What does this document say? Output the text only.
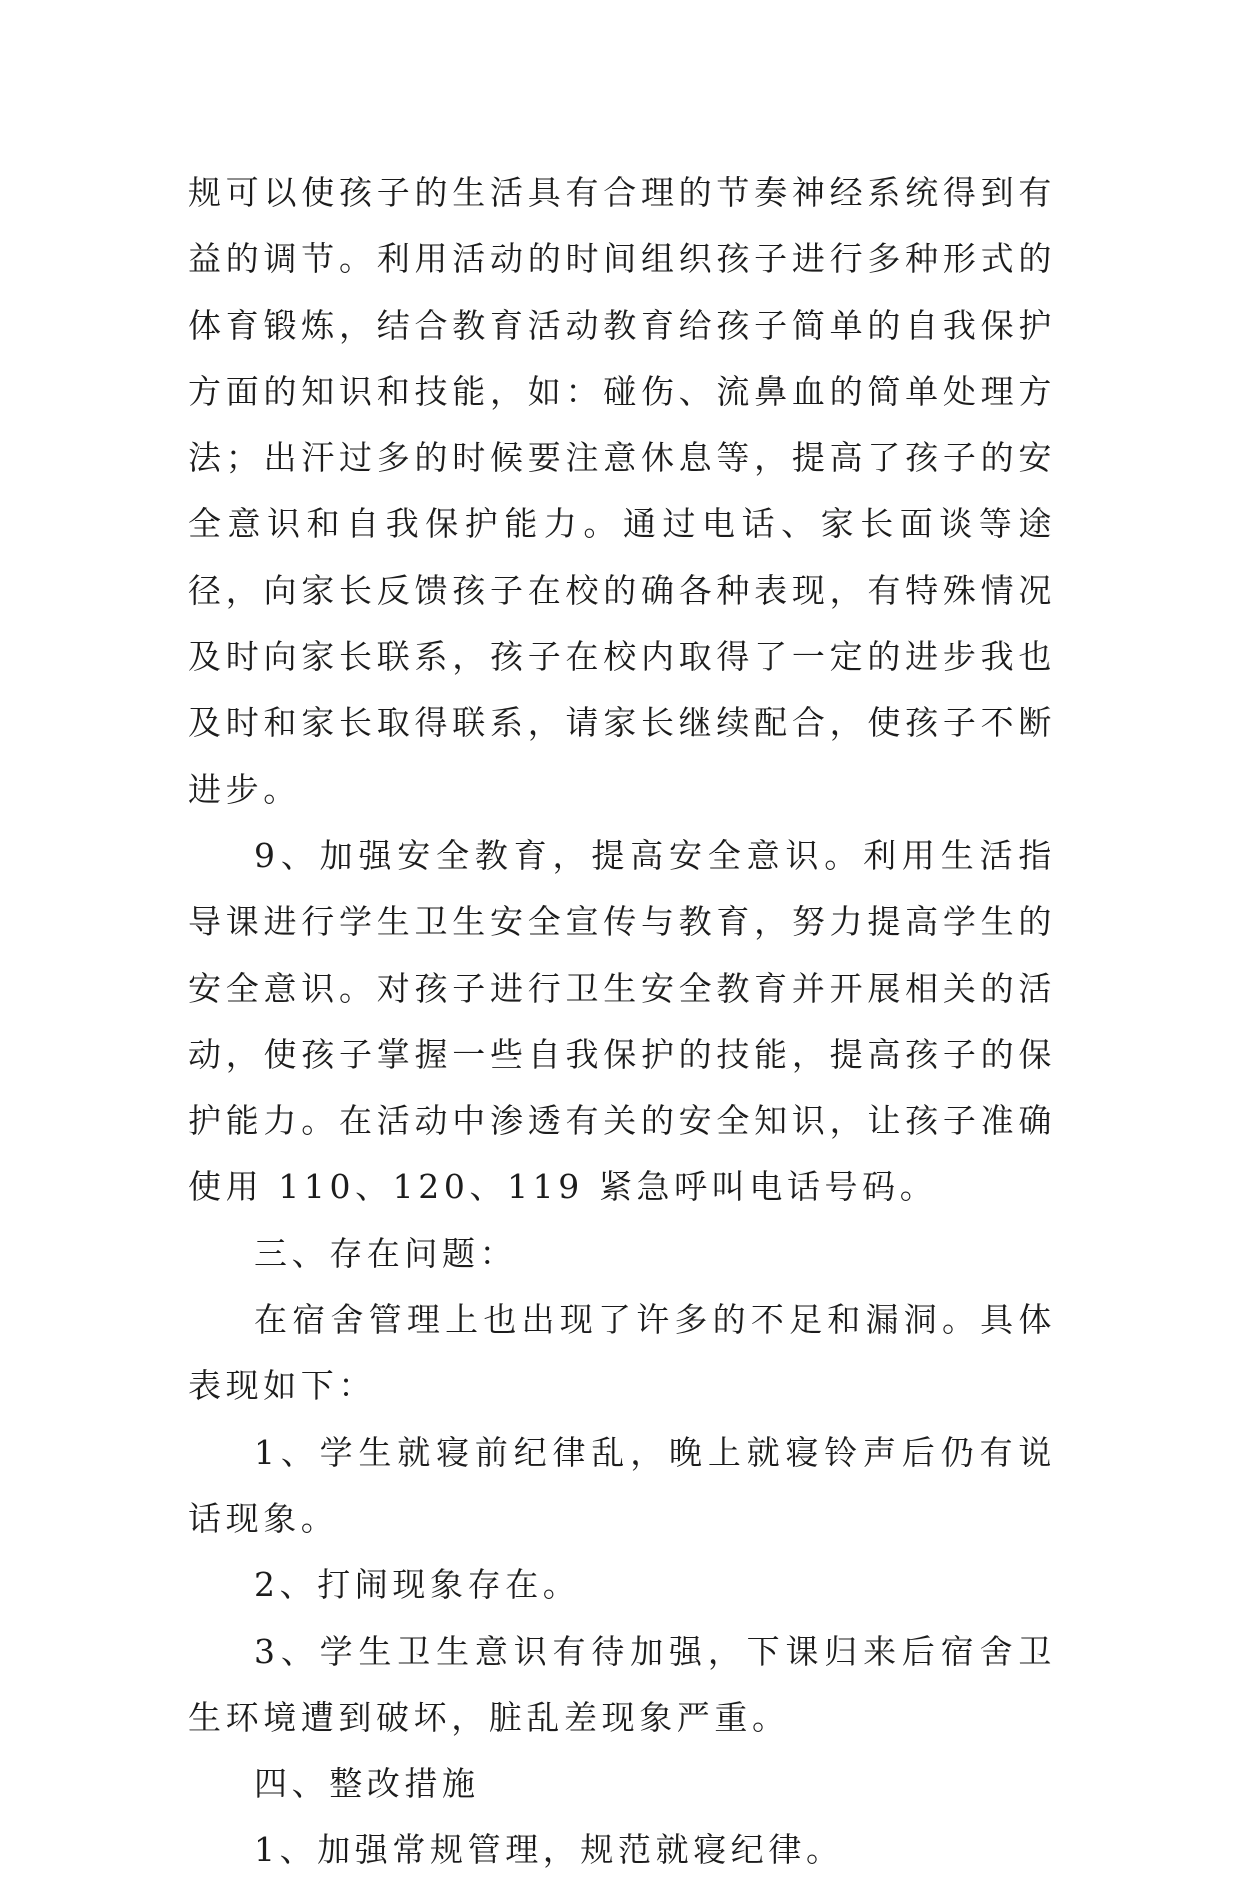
规可以使孩子的生活具有合理的节奏神经系统得到有益的调节。利用活动的时间组织孩子进行多种形式的体育锻炼，结合教育活动教育给孩子简单的自我保护方面的知识和技能，如：碰伤、流鼻血的简单处理方法；出汗过多的时候要注意休息等，提高了孩子的安全意识和自我保护能力。通过电话、家长面谈等途径，向家长反馈孩子在校的确各种表现，有特殊情况及时向家长联系，孩子在校内取得了一定的进步我也及时和家长取得联系，请家长继续配合，使孩子不断进步。

9、加强安全教育，提高安全意识。利用生活指导课进行学生卫生安全宣传与教育，努力提高学生的安全意识。对孩子进行卫生安全教育并开展相关的活动，使孩子掌握一些自我保护的技能，提高孩子的保护能力。在活动中渗透有关的安全知识，让孩子准确使用 110、120、119 紧急呼叫电话号码。

三、存在问题：

在宿舍管理上也出现了许多的不足和漏洞。具体表现如下：

1、学生就寝前纪律乱，晚上就寝铃声后仍有说话现象。

2、打闹现象存在。

3、学生卫生意识有待加强，下课归来后宿舍卫生环境遭到破坏，脏乱差现象严重。

四、整改措施

1、加强常规管理，规范就寝纪律。
